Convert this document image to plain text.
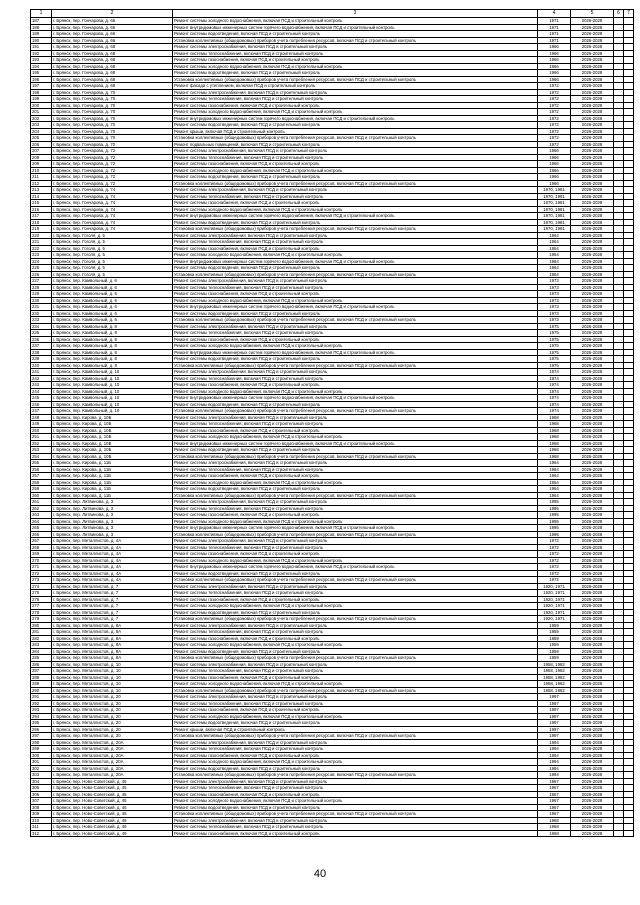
1	2	3	4	5	6	7
187	г. Брянск, пер. Гончарова, д. 66	Ремонт системы холодного водоснабжения, включая ПСД и строительный контроль	1971	2026-2028		
188	г. Брянск, пер. Гончарова, д. 66	Ремонт внутридомовых инженерных систем горячего водоснабжения, включая ПСД и строительный контроль	1971	2026-2028		
189	г. Брянск, пер. Гончарова, д. 66	Ремонт системы водоотведения, включая ПСД и строительный контроль	1971	2026-2028		
190	г. Брянск, пер. Гончарова, д. 66	Установка коллективных (общедомовых) приборов учета потребления ресурсов, включая ПСД и строительный контроль	1971	2026-2028		
191	г. Брянск, пер. Гончарова, д. 68	Ремонт системы электроснабжения, включая ПСД и строительный контроль	1966	2026-2028		
192	г. Брянск, пер. Гончарова, д. 68	Ремонт системы теплоснабжения, включая ПСД и строительный контроль	1966	2026-2028		
193	г. Брянск, пер. Гончарова, д. 68	Ремонт системы газоснабжения, включая ПСД и строительный контроль	1966	2026-2028		
194	г. Брянск, пер. Гончарова, д. 68	Ремонт системы холодного водоснабжения, включая ПСД и строительный контроль	1966	2026-2028		
195	г. Брянск, пер. Гончарова, д. 68	Ремонт системы водоотведения, включая ПСД и строительный контроль	1966	2026-2028		
196	г. Брянск, пер. Гончарова, д. 68	Установка коллективных (общедомовых) приборов учета потребления ресурсов, включая ПСД и строительный контроль	1966	2026-2028		
197	г. Брянск, пер. Гончарова, д. 68	Ремонт фасада с утеплением, включая ПСД и строительный контроль	1972	2026-2028		
198	г. Брянск, пер. Гончарова, д. 70	Ремонт системы электроснабжения, включая ПСД и строительный контроль	1972	2026-2028		
199	г. Брянск, пер. Гончарова, д. 70	Ремонт системы теплоснабжения, включая ПСД и строительный контроль	1972	2026-2028		
200	г. Брянск, пер. Гончарова, д. 70	Ремонт системы газоснабжения, включая ПСД и строительный контроль	1972	2026-2028		
201	г. Брянск, пер. Гончарова, д. 70	Ремонт системы холодного водоснабжения, включая ПСД и строительный контроль	1972	2026-2028		
202	г. Брянск, пер. Гончарова, д. 70	Ремонт внутридомовых инженерных систем горячего водоснабжения, включая ПСД и строительный контроль	1972	2026-2028		
203	г. Брянск, пер. Гончарова, д. 70	Ремонт системы водоотведения, включая ПСД и строительный контроль	1972	2026-2028		
204	г. Брянск, пер. Гончарова, д. 70	Ремонт крыши, включая ПСД и строительный контроль	1972	2026-2028		
205	г. Брянск, пер. Гончарова, д. 70	Установка коллективных (общедомовых) приборов учета потребления ресурсов, включая ПСД и строительный контроль	1972	2026-2028		
206	г. Брянск, пер. Гончарова, д. 70	Ремонт подвальных помещений, включая ПСД и строительный контроль	1972	2026-2028		
207	г. Брянск, пер. Гончарова, д. 72	Ремонт системы электроснабжения, включая ПСД и строительный контроль	1966	2026-2028		
208	г. Брянск, пер. Гончарова, д. 72	Ремонт системы теплоснабжения, включая ПСД и строительный контроль	1966	2026-2028		
209	г. Брянск, пер. Гончарова, д. 72	Ремонт системы газоснабжения, включая ПСД и строительный контроль	1966	2026-2028		
210	г. Брянск, пер. Гончарова, д. 72	Ремонт системы холодного водоснабжения, включая ПСД и строительный контроль	1966	2026-2028		
211	г. Брянск, пер. Гончарова, д. 72	Ремонт системы водоотведения, включая ПСД и строительный контроль	1966	2026-2028		
212	г. Брянск, пер. Гончарова, д. 72	Установка коллективных (общедомовых) приборов учета потребления ресурсов, включая ПСД и строительный контроль	1966	2026-2028		
213	г. Брянск, пер. Гончарова, д. 74	Ремонт системы электроснабжения, включая ПСД и строительный контроль	1970, 1981	2026-2028		
214	г. Брянск, пер. Гончарова, д. 74	Ремонт системы теплоснабжения, включая ПСД и строительный контроль	1970, 1981	2026-2028		
215	г. Брянск, пер. Гончарова, д. 74	Ремонт системы газоснабжения, включая ПСД и строительный контроль	1970, 1981	2026-2028		
216	г. Брянск, пер. Гончарова, д. 74	Ремонт системы холодного водоснабжения, включая ПСД и строительный контроль	1970, 1981	2026-2028		
217	г. Брянск, пер. Гончарова, д. 74	Ремонт внутридомовых инженерных систем горячего водоснабжения, включая ПСД и строительный контроль	1970, 1981	2026-2028		
218	г. Брянск, пер. Гончарова, д. 74	Ремонт системы водоотведения, включая ПСД и строительный контроль	1970, 1981	2026-2028		
219	г. Брянск, пер. Гончарова, д. 74	Установка коллективных (общедомовых) приборов учета потребления ресурсов, включая ПСД и строительный контроль	1970, 1981	2026-2028		
220	г. Брянск, пер. Гоголя, д. 5	Ремонт системы электроснабжения, включая ПСД и строительный контроль	1964	2026-2028		
221	г. Брянск, пер. Гоголя, д. 5	Ремонт системы теплоснабжения, включая ПСД и строительный контроль	1964	2026-2028		
222	г. Брянск, пер. Гоголя, д. 5	Ремонт системы газоснабжения, включая ПСД и строительный контроль	1964	2026-2028		
223	г. Брянск, пер. Гоголя, д. 5	Ремонт системы холодного водоснабжения, включая ПСД и строительный контроль	1964	2026-2028		
224	г. Брянск, пер. Гоголя, д. 5	Ремонт внутридомовых инженерных систем горячего водоснабжения, включая ПСД и строительный контроль	1964	2026-2028		
225	г. Брянск, пер. Гоголя, д. 5	Ремонт системы водоотведения, включая ПСД и строительный контроль	1964	2026-2028		
226	г. Брянск, пер. Гоголя, д. 5	Установка коллективных (общедомовых) приборов учета потребления ресурсов, включая ПСД и строительный контроль	1964	2026-2028		
227	г. Брянск, пер. Камвольный, д. 6	Ремонт системы электроснабжения, включая ПСД и строительный контроль	1973	2026-2028		
228	г. Брянск, пер. Камвольный, д. 6	Ремонт системы теплоснабжения, включая ПСД и строительный контроль	1973	2026-2028		
229	г. Брянск, пер. Камвольный, д. 6	Ремонт системы газоснабжения, включая ПСД и строительный контроль	1973	2026-2028		
230	г. Брянск, пер. Камвольный, д. 6	Ремонт системы холодного водоснабжения, включая ПСД и строительный контроль	1973	2026-2028		
231	г. Брянск, пер. Камвольный, д. 6	Ремонт внутридомовых инженерных систем горячего водоснабжения, включая ПСД и строительный контроль	1973	2026-2028		
232	г. Брянск, пер. Камвольный, д. 6	Ремонт системы водоотведения, включая ПСД и строительный контроль	1973	2026-2028		
233	г. Брянск, пер. Камвольный, д. 6	Установка коллективных (общедомовых) приборов учета потребления ресурсов, включая ПСД и строительный контроль	1973	2026-2028		
234	г. Брянск, пер. Камвольный, д. 8	Ремонт системы электроснабжения, включая ПСД и строительный контроль	1975	2026-2028		
235	г. Брянск, пер. Камвольный, д. 8	Ремонт системы теплоснабжения, включая ПСД и строительный контроль	1975	2026-2028		
236	г. Брянск, пер. Камвольный, д. 8	Ремонт системы газоснабжения, включая ПСД и строительный контроль	1975	2026-2028		
237	г. Брянск, пер. Камвольный, д. 8	Ремонт системы холодного водоснабжения, включая ПСД и строительный контроль	1975	2026-2028		
238	г. Брянск, пер. Камвольный, д. 8	Ремонт внутридомовых инженерных систем горячего водоснабжения, включая ПСД и строительный контроль	1975	2026-2028		
239	г. Брянск, пер. Камвольный, д. 8	Ремонт системы водоотведения, включая ПСД и строительный контроль	1975	2026-2028		
240	г. Брянск, пер. Камвольный, д. 8	Установка коллективных (общедомовых) приборов учета потребления ресурсов, включая ПСД и строительный контроль	1975	2026-2028		
241	г. Брянск, пер. Камвольный, д. 10	Ремонт системы электроснабжения, включая ПСД и строительный контроль	1974	2026-2028		
242	г. Брянск, пер. Камвольный, д. 10	Ремонт системы теплоснабжения, включая ПСД и строительный контроль	1974	2026-2028		
243	г. Брянск, пер. Камвольный, д. 10	Ремонт системы газоснабжения, включая ПСД и строительный контроль	1974	2026-2028		
244	г. Брянск, пер. Камвольный, д. 10	Ремонт системы холодного водоснабжения, включая ПСД и строительный контроль	1974	2026-2028		
245	г. Брянск, пер. Камвольный, д. 10	Ремонт внутридомовых инженерных систем горячего водоснабжения, включая ПСД и строительный контроль	1974	2026-2028		
246	г. Брянск, пер. Камвольный, д. 10	Ремонт системы водоотведения, включая ПСД и строительный контроль	1974	2026-2028		
247	г. Брянск, пер. Камвольный, д. 10	Установка коллективных (общедомовых) приборов учета потребления ресурсов, включая ПСД и строительный контроль	1974	2026-2028		
248	г. Брянск, пер. Кирова, д. 10Б	Ремонт системы электроснабжения, включая ПСД и строительный контроль	1968	2026-2028		
249	г. Брянск, пер. Кирова, д. 10Б	Ремонт системы теплоснабжения, включая ПСД и строительный контроль	1968	2026-2028		
250	г. Брянск, пер. Кирова, д. 10Б	Ремонт системы газоснабжения, включая ПСД и строительный контроль	1968	2026-2028		
251	г. Брянск, пер. Кирова, д. 10Б	Ремонт системы холодного водоснабжения, включая ПСД и строительный контроль	1968	2026-2028		
252	г. Брянск, пер. Кирова, д. 10Б	Ремонт внутридомовых инженерных систем горячего водоснабжения, включая ПСД и строительный контроль	1968	2026-2028		
253	г. Брянск, пер. Кирова, д. 10Б	Ремонт системы водоотведения, включая ПСД и строительный контроль	1968	2026-2028		
254	г. Брянск, пер. Кирова, д. 10Б	Установка коллективных (общедомовых) приборов учета потребления ресурсов, включая ПСД и строительный контроль	1968	2026-2028		
255	г. Брянск, пер. Кирова, д. 11Б	Ремонт системы электроснабжения, включая ПСД и строительный контроль	1964	2026-2028		
256	г. Брянск, пер. Кирова, д. 11Б	Ремонт системы теплоснабжения, включая ПСД и строительный контроль	1964	2026-2028		
257	г. Брянск, пер. Кирова, д. 11Б	Ремонт системы газоснабжения, включая ПСД и строительный контроль	1964	2026-2028		
258	г. Брянск, пер. Кирова, д. 11Б	Ремонт системы холодного водоснабжения, включая ПСД и строительный контроль	1964	2026-2028		
259	г. Брянск, пер. Кирова, д. 11Б	Ремонт системы водоотведения, включая ПСД и строительный контроль	1964	2026-2028		
260	г. Брянск, пер. Кирова, д. 11Б	Установка коллективных (общедомовых) приборов учета потребления ресурсов, включая ПСД и строительный контроль	1964	2026-2028		
261	г. Брянск, пер. Литвинова, д. 3	Ремонт системы электроснабжения, включая ПСД и строительный контроль	1995	2026-2028		
262	г. Брянск, пер. Литвинова, д. 3	Ремонт системы теплоснабжения, включая ПСД и строительный контроль	1995	2026-2028		
263	г. Брянск, пер. Литвинова, д. 3	Ремонт системы газоснабжения, включая ПСД и строительный контроль	1995	2026-2028		
264	г. Брянск, пер. Литвинова, д. 3	Ремонт системы холодного водоснабжения, включая ПСД и строительный контроль	1995	2026-2028		
265	г. Брянск, пер. Литвинова, д. 3	Ремонт внутридомовых инженерных систем горячего водоснабжения, включая ПСД и строительный контроль	1995	2026-2028		
266	г. Брянск, пер. Литвинова, д. 3	Установка коллективных (общедомовых) приборов учета потребления ресурсов, включая ПСД и строительный контроль	1995	2026-2028		
267	г. Брянск, пер. Металлистов, д. 4А	Ремонт системы электроснабжения, включая ПСД и строительный контроль	1972	2026-2028		
268	г. Брянск, пер. Металлистов, д. 4А	Ремонт системы теплоснабжения, включая ПСД и строительный контроль	1972	2026-2028		
269	г. Брянск, пер. Металлистов, д. 4А	Ремонт системы газоснабжения, включая ПСД и строительный контроль	1972	2026-2028		
270	г. Брянск, пер. Металлистов, д. 4А	Ремонт системы холодного водоснабжения, включая ПСД и строительный контроль	1972	2026-2028		
271	г. Брянск, пер. Металлистов, д. 4А	Ремонт внутридомовых инженерных систем горячего водоснабжения, включая ПСД и строительный контроль	1972	2026-2028		
272	г. Брянск, пер. Металлистов, д. 4А	Ремонт системы водоотведения, включая ПСД и строительный контроль	1972	2026-2028		
273	г. Брянск, пер. Металлистов, д. 4А	Установка коллективных (общедомовых) приборов учета потребления ресурсов, включая ПСД и строительный контроль	1972	2026-2028		
274	г. Брянск, пер. Металлистов, д. 7	Ремонт системы электроснабжения, включая ПСД и строительный контроль	1920, 1971	2026-2028		
275	г. Брянск, пер. Металлистов, д. 7	Ремонт системы теплоснабжения, включая ПСД и строительный контроль	1920, 1971	2026-2028		
276	г. Брянск, пер. Металлистов, д. 7	Ремонт системы газоснабжения, включая ПСД и строительный контроль	1920, 1971	2026-2028		
277	г. Брянск, пер. Металлистов, д. 7	Ремонт системы холодного водоснабжения, включая ПСД и строительный контроль	1920, 1971	2026-2028		
278	г. Брянск, пер. Металлистов, д. 7	Ремонт системы водоотведения, включая ПСД и строительный контроль	1920, 1971	2026-2028		
279	г. Брянск, пер. Металлистов, д. 7	Установка коллективных (общедомовых) приборов учета потребления ресурсов, включая ПСД и строительный контроль	1920, 1971	2026-2028		
280	г. Брянск, пер. Металлистов, д. 8А	Ремонт системы электроснабжения, включая ПСД и строительный контроль	1959	2026-2028		
281	г. Брянск, пер. Металлистов, д. 8А	Ремонт системы теплоснабжения, включая ПСД и строительный контроль	1959	2026-2028		
282	г. Брянск, пер. Металлистов, д. 8А	Ремонт системы газоснабжения, включая ПСД и строительный контроль	1959	2026-2028		
283	г. Брянск, пер. Металлистов, д. 8А	Ремонт системы холодного водоснабжения, включая ПСД и строительный контроль	1959	2026-2028		
284	г. Брянск, пер. Металлистов, д. 8А	Ремонт системы водоотведения, включая ПСД и строительный контроль	1959	2026-2028		
285	г. Брянск, пер. Металлистов, д. 8А	Установка коллективных (общедомовых) приборов учета потребления ресурсов, включая ПСД и строительный контроль	1959	2026-2028		
286	г. Брянск, пер. Металлистов, д. 10	Ремонт системы электроснабжения, включая ПСД и строительный контроль	1958, 1982	2026-2028		
287	г. Брянск, пер. Металлистов, д. 10	Ремонт системы теплоснабжения, включая ПСД и строительный контроль	1958, 1982	2026-2028		
288	г. Брянск, пер. Металлистов, д. 10	Ремонт системы газоснабжения, включая ПСД и строительный контроль	1958, 1982	2026-2028		
289	г. Брянск, пер. Металлистов, д. 10	Ремонт системы холодного водоснабжения, включая ПСД и строительный контроль	1958, 1982	2026-2028		
290	г. Брянск, пер. Металлистов, д. 10	Установка коллективных (общедомовых) приборов учета потребления ресурсов, включая ПСД и строительный контроль	1958, 1982	2026-2028		
291	г. Брянск, пер. Металлистов, д. 20	Ремонт системы электроснабжения, включая ПСД и строительный контроль	1997	2026-2028		
292	г. Брянск, пер. Металлистов, д. 20	Ремонт системы теплоснабжения, включая ПСД и строительный контроль	1997	2026-2028		
293	г. Брянск, пер. Металлистов, д. 20	Ремонт системы газоснабжения, включая ПСД и строительный контроль	1997	2026-2028		
294	г. Брянск, пер. Металлистов, д. 20	Ремонт системы холодного водоснабжения, включая ПСД и строительный контроль	1997	2026-2028		
295	г. Брянск, пер. Металлистов, д. 20	Ремонт системы водоотведения, включая ПСД и строительный контроль	1997	2026-2028		
296	г. Брянск, пер. Металлистов, д. 20	Ремонт крыши, включая ПСД и строительный контроль	1997	2026-2028		
297	г. Брянск, пер. Металлистов, д. 20	Установка коллективных (общедомовых) приборов учета потребления ресурсов, включая ПСД и строительный контроль	1997	2026-2028		
298	г. Брянск, пер. Металлистов, д. 20А	Ремонт системы электроснабжения, включая ПСД и строительный контроль	1994	2026-2028		
299	г. Брянск, пер. Металлистов, д. 20А	Ремонт системы теплоснабжения, включая ПСД и строительный контроль	1994	2026-2028		
300	г. Брянск, пер. Металлистов, д. 20А	Ремонт системы газоснабжения, включая ПСД и строительный контроль	1994	2026-2028		
301	г. Брянск, пер. Металлистов, д. 20А	Ремонт системы холодного водоснабжения, включая ПСД и строительный контроль	1994	2026-2028		
302	г. Брянск, пер. Металлистов, д. 20А	Ремонт системы водоотведения, включая ПСД и строительный контроль	1994	2026-2028		
303	г. Брянск, пер. Металлистов, д. 20А	Установка коллективных (общедомовых) приборов учета потребления ресурсов, включая ПСД и строительный контроль	1994	2026-2028		
304	г. Брянск, пер. Ново-Советский, д. 45	Ремонт системы электроснабжения, включая ПСД и строительный контроль	1967	2026-2028		
305	г. Брянск, пер. Ново-Советский, д. 45	Ремонт системы теплоснабжения, включая ПСД и строительный контроль	1967	2026-2028		
306	г. Брянск, пер. Ново-Советский, д. 45	Ремонт системы газоснабжения, включая ПСД и строительный контроль	1967	2026-2028		
307	г. Брянск, пер. Ново-Советский, д. 45	Ремонт системы холодного водоснабжения, включая ПСД и строительный контроль	1967	2026-2028		
308	г. Брянск, пер. Ново-Советский, д. 45	Ремонт системы водоотведения, включая ПСД и строительный контроль	1967	2026-2028		
309	г. Брянск, пер. Ново-Советский, д. 45	Установка коллективных (общедомовых) приборов учета потребления ресурсов, включая ПСД и строительный контроль	1967	2026-2028		
310	г. Брянск, пер. Ново-Советский, д. 49	Ремонт системы электроснабжения, включая ПСД и строительный контроль	1968	2026-2028		
311	г. Брянск, пер. Ново-Советский, д. 49	Ремонт системы теплоснабжения, включая ПСД и строительный контроль	1968	2026-2028		
312	г. Брянск, пер. Ново-Советский, д. 49	Ремонт системы газоснабжения, включая ПСД и строительный контроль	1968	2026-2028		
40
